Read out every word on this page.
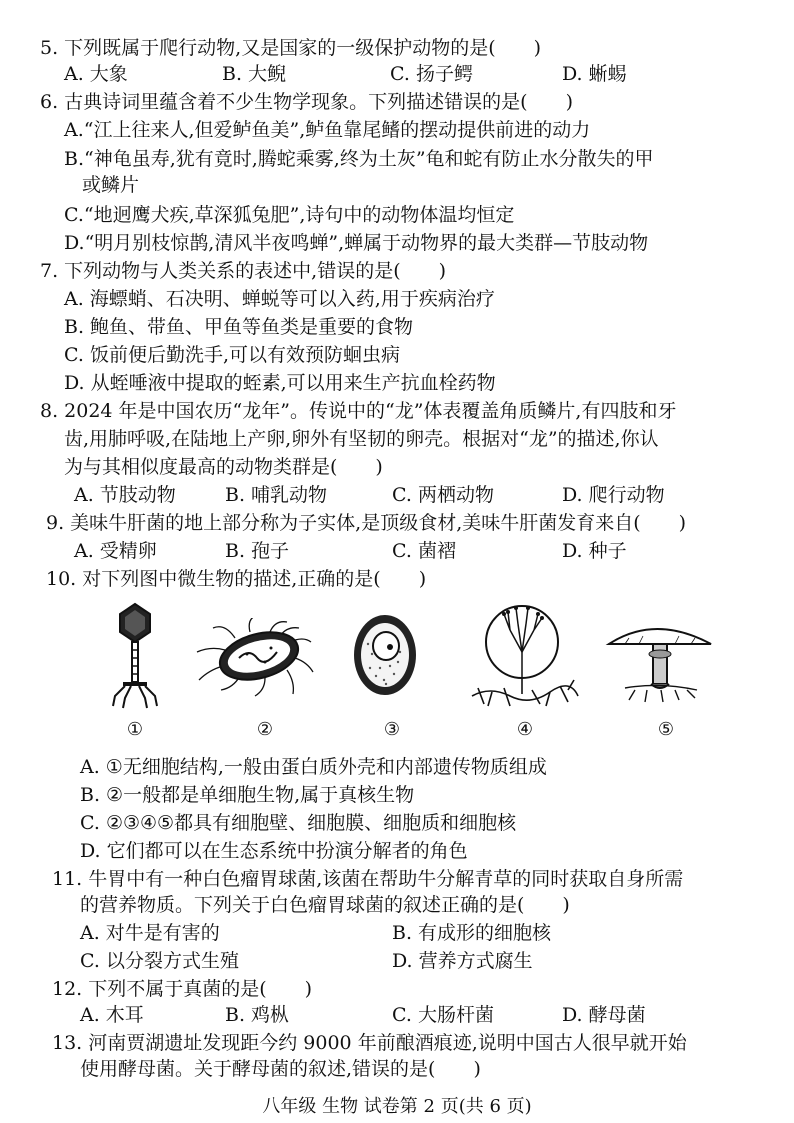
5. 下列既属于爬行动物,又是国家的一级保护动物的是(　　)
A. 大象	B. 大鲵	C. 扬子鳄	D. 蜥蜴
6. 古典诗词里蕴含着不少生物学现象。下列描述错误的是(　　)
A.“江上往来人,但爱鲈鱼美”,鲈鱼靠尾鳍的摆动提供前进的动力
B.“神龟虽寿,犹有竟时,腾蛇乘雾,终为土灰”龟和蛇有防止水分散失的甲
或鳞片
C.“地迥鹰犬疾,草深狐兔肥”,诗句中的动物体温均恒定
D.“明月别枝惊鹊,清风半夜鸣蝉”,蝉属于动物界的最大类群—节肢动物
7. 下列动物与人类关系的表述中,错误的是(　　)
A. 海螵蛸、石决明、蝉蜕等可以入药,用于疾病治疗
B. 鲍鱼、带鱼、甲鱼等鱼类是重要的食物
C. 饭前便后勤洗手,可以有效预防蛔虫病
D. 从蛭唾液中提取的蛭素,可以用来生产抗血栓药物
8. 2024 年是中国农历“龙年”。传说中的“龙”体表覆盖角质鳞片,有四肢和牙
齿,用肺呼吸,在陆地上产卵,卵外有坚韧的卵壳。根据对“龙”的描述,你认
为与其相似度最高的动物类群是(　　)
A. 节肢动物	B. 哺乳动物	C. 两栖动物	D. 爬行动物
9. 美味牛肝菌的地上部分称为子实体,是顶级食材,美味牛肝菌发育来自(　　)
A. 受精卵	B. 孢子	C. 菌褶	D. 种子
10. 对下列图中微生物的描述,正确的是(　　)
①	②	③	④	⑤
A. ①无细胞结构,一般由蛋白质外壳和内部遗传物质组成
B. ②一般都是单细胞生物,属于真核生物
C. ②③④⑤都具有细胞壁、细胞膜、细胞质和细胞核
D. 它们都可以在生态系统中扮演分解者的角色
11. 牛胃中有一种白色瘤胃球菌,该菌在帮助牛分解青草的同时获取自身所需
的营养物质。下列关于白色瘤胃球菌的叙述正确的是(　　)
A. 对牛是有害的	B. 有成形的细胞核
C. 以分裂方式生殖	D. 营养方式腐生
12. 下列不属于真菌的是(　　)
A. 木耳	B. 鸡枞	C. 大肠杆菌	D. 酵母菌
13. 河南贾湖遗址发现距今约 9000 年前酿酒痕迹,说明中国古人很早就开始
使用酵母菌。关于酵母菌的叙述,错误的是(　　)
八年级 生物 试卷第 2 页(共 6 页)
